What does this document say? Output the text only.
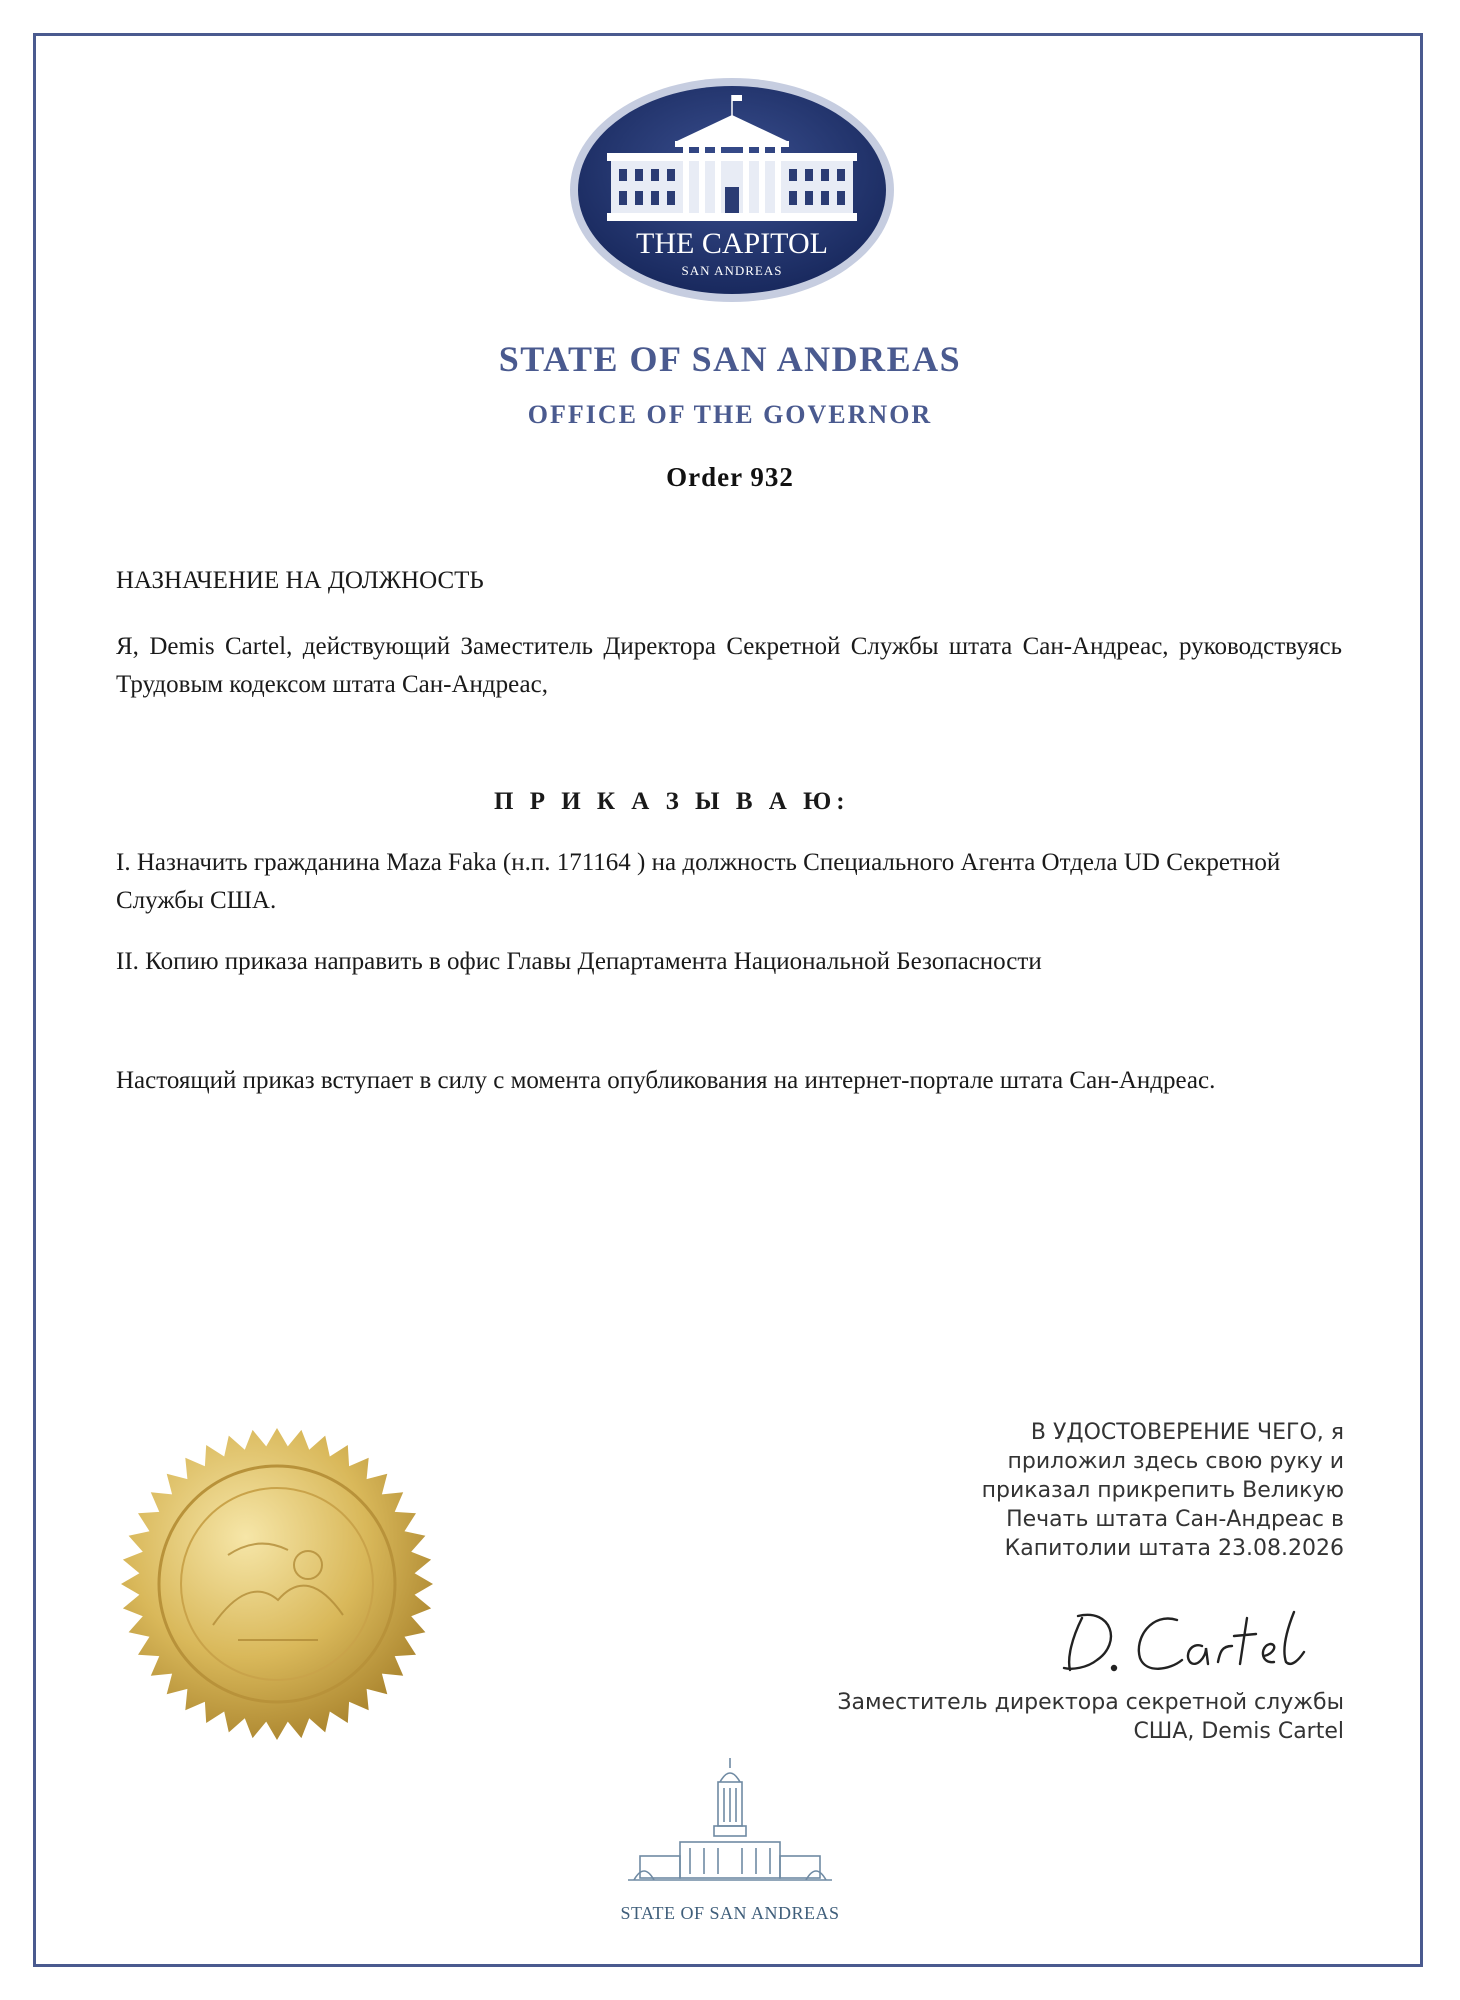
THE CAPITOL
SAN ANDREAS
STATE OF SAN ANDREAS
OFFICE OF THE GOVERNOR
Order 932
НАЗНАЧЕНИЕ НА ДОЛЖНОСТЬ
Я, Demis Cartel, действующий Заместитель Директора Секретной Службы штата Сан-Андреас, руководствуясь Трудовым кодексом штата Сан-Андреас,
П Р И К А З Ы В А Ю:
I. Назначить гражданина Maza Faka (н.п. 171164 ) на должность Специального Агента Отдела UD Секретной Службы США.
II. Копию приказа направить в офис Главы Департамента Национальной Безопасности
Настоящий приказ вступает в силу с момента опубликования на интернет-портале штата Сан-Андреас.
В УДОСТОВЕРЕНИЕ ЧЕГО, я
приложил здесь свою руку и
приказал прикрепить Великую
Печать штата Сан-Андреас в
Капитолии штата 23.08.2026
Заместитель директора секретной службы
США, Demis Cartel
STATE OF SAN ANDREAS
